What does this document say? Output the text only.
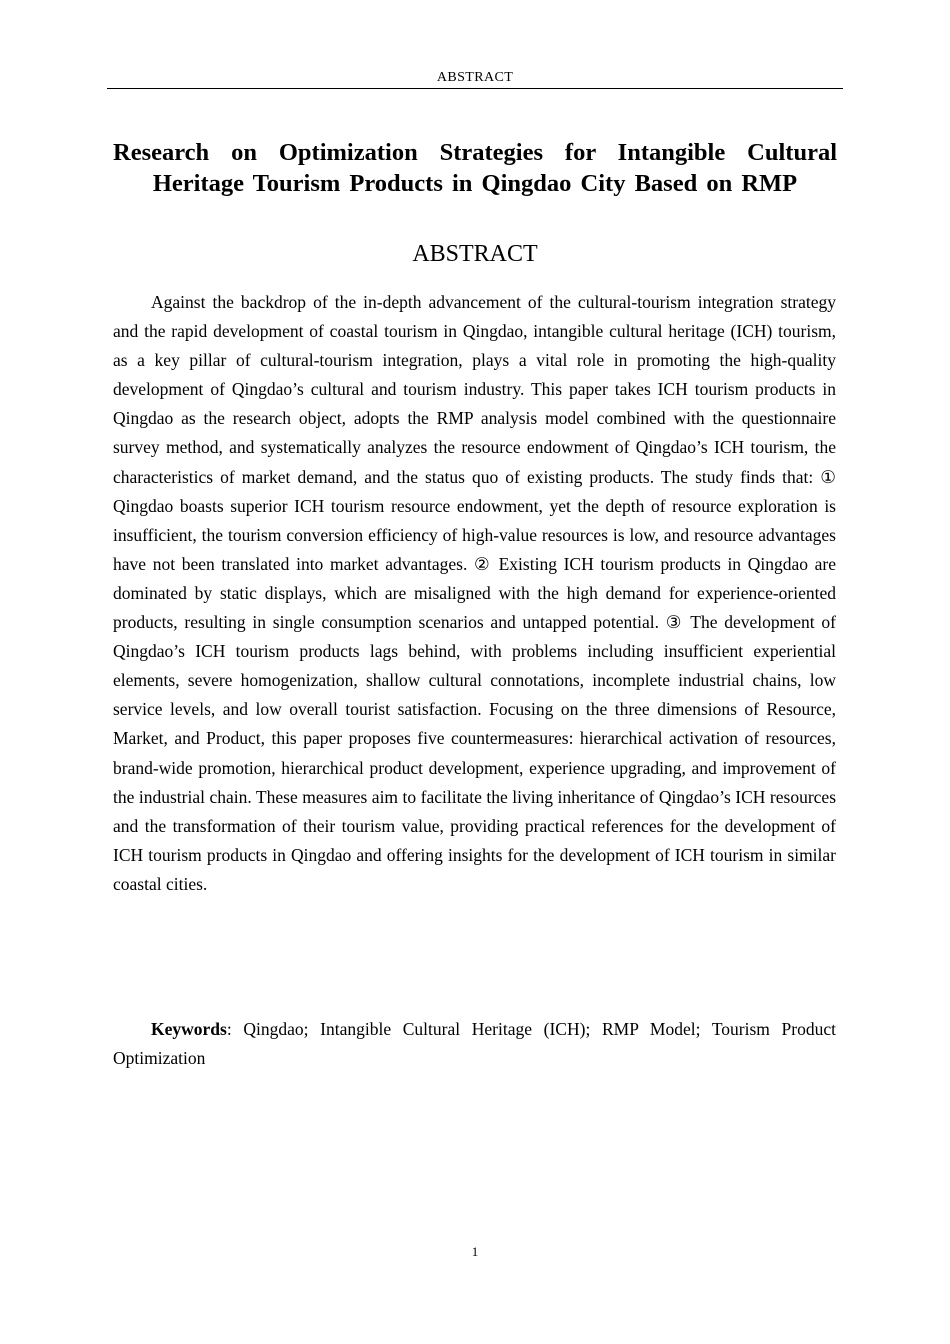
ABSTRACT
Research on Optimization Strategies for Intangible Cultural Heritage Tourism Products in Qingdao City Based on RMP
ABSTRACT

Against the backdrop of the in-depth advancement of the cultural-tourism integration strategy and the rapid development of coastal tourism in Qingdao, intangible cultural heritage (ICH) tourism, as a key pillar of cultural-tourism integration, plays a vital role in promoting the high-quality development of Qingdao’s cultural and tourism industry. This paper takes ICH tourism products in Qingdao as the research object, adopts the RMP analysis model combined with the questionnaire survey method, and systematically analyzes the resource endowment of Qingdao’s ICH tourism, the characteristics of market demand, and the status quo of existing products. The study finds that: ① Qingdao boasts superior ICH tourism resource endowment, yet the depth of resource exploration is insufficient, the tourism conversion efficiency of high-value resources is low, and resource advantages have not been translated into market advantages. ② Existing ICH tourism products in Qingdao are dominated by static displays, which are misaligned with the high demand for experience-oriented products, resulting in single consumption scenarios and untapped potential. ③ The development of Qingdao’s ICH tourism products lags behind, with problems including insufficient experiential elements, severe homogenization, shallow cultural connotations, incomplete industrial chains, low service levels, and low overall tourist satisfaction. Focusing on the three dimensions of Resource, Market, and Product, this paper proposes five countermeasures: hierarchical activation of resources, brand-wide promotion, hierarchical product development, experience upgrading, and improvement of the industrial chain. These measures aim to facilitate the living inheritance of Qingdao’s ICH resources and the transformation of their tourism value, providing practical references for the development of ICH tourism products in Qingdao and offering insights for the development of ICH tourism in similar coastal cities.

Keywords: Qingdao; Intangible Cultural Heritage (ICH); RMP Model; Tourism Product Optimization

1
